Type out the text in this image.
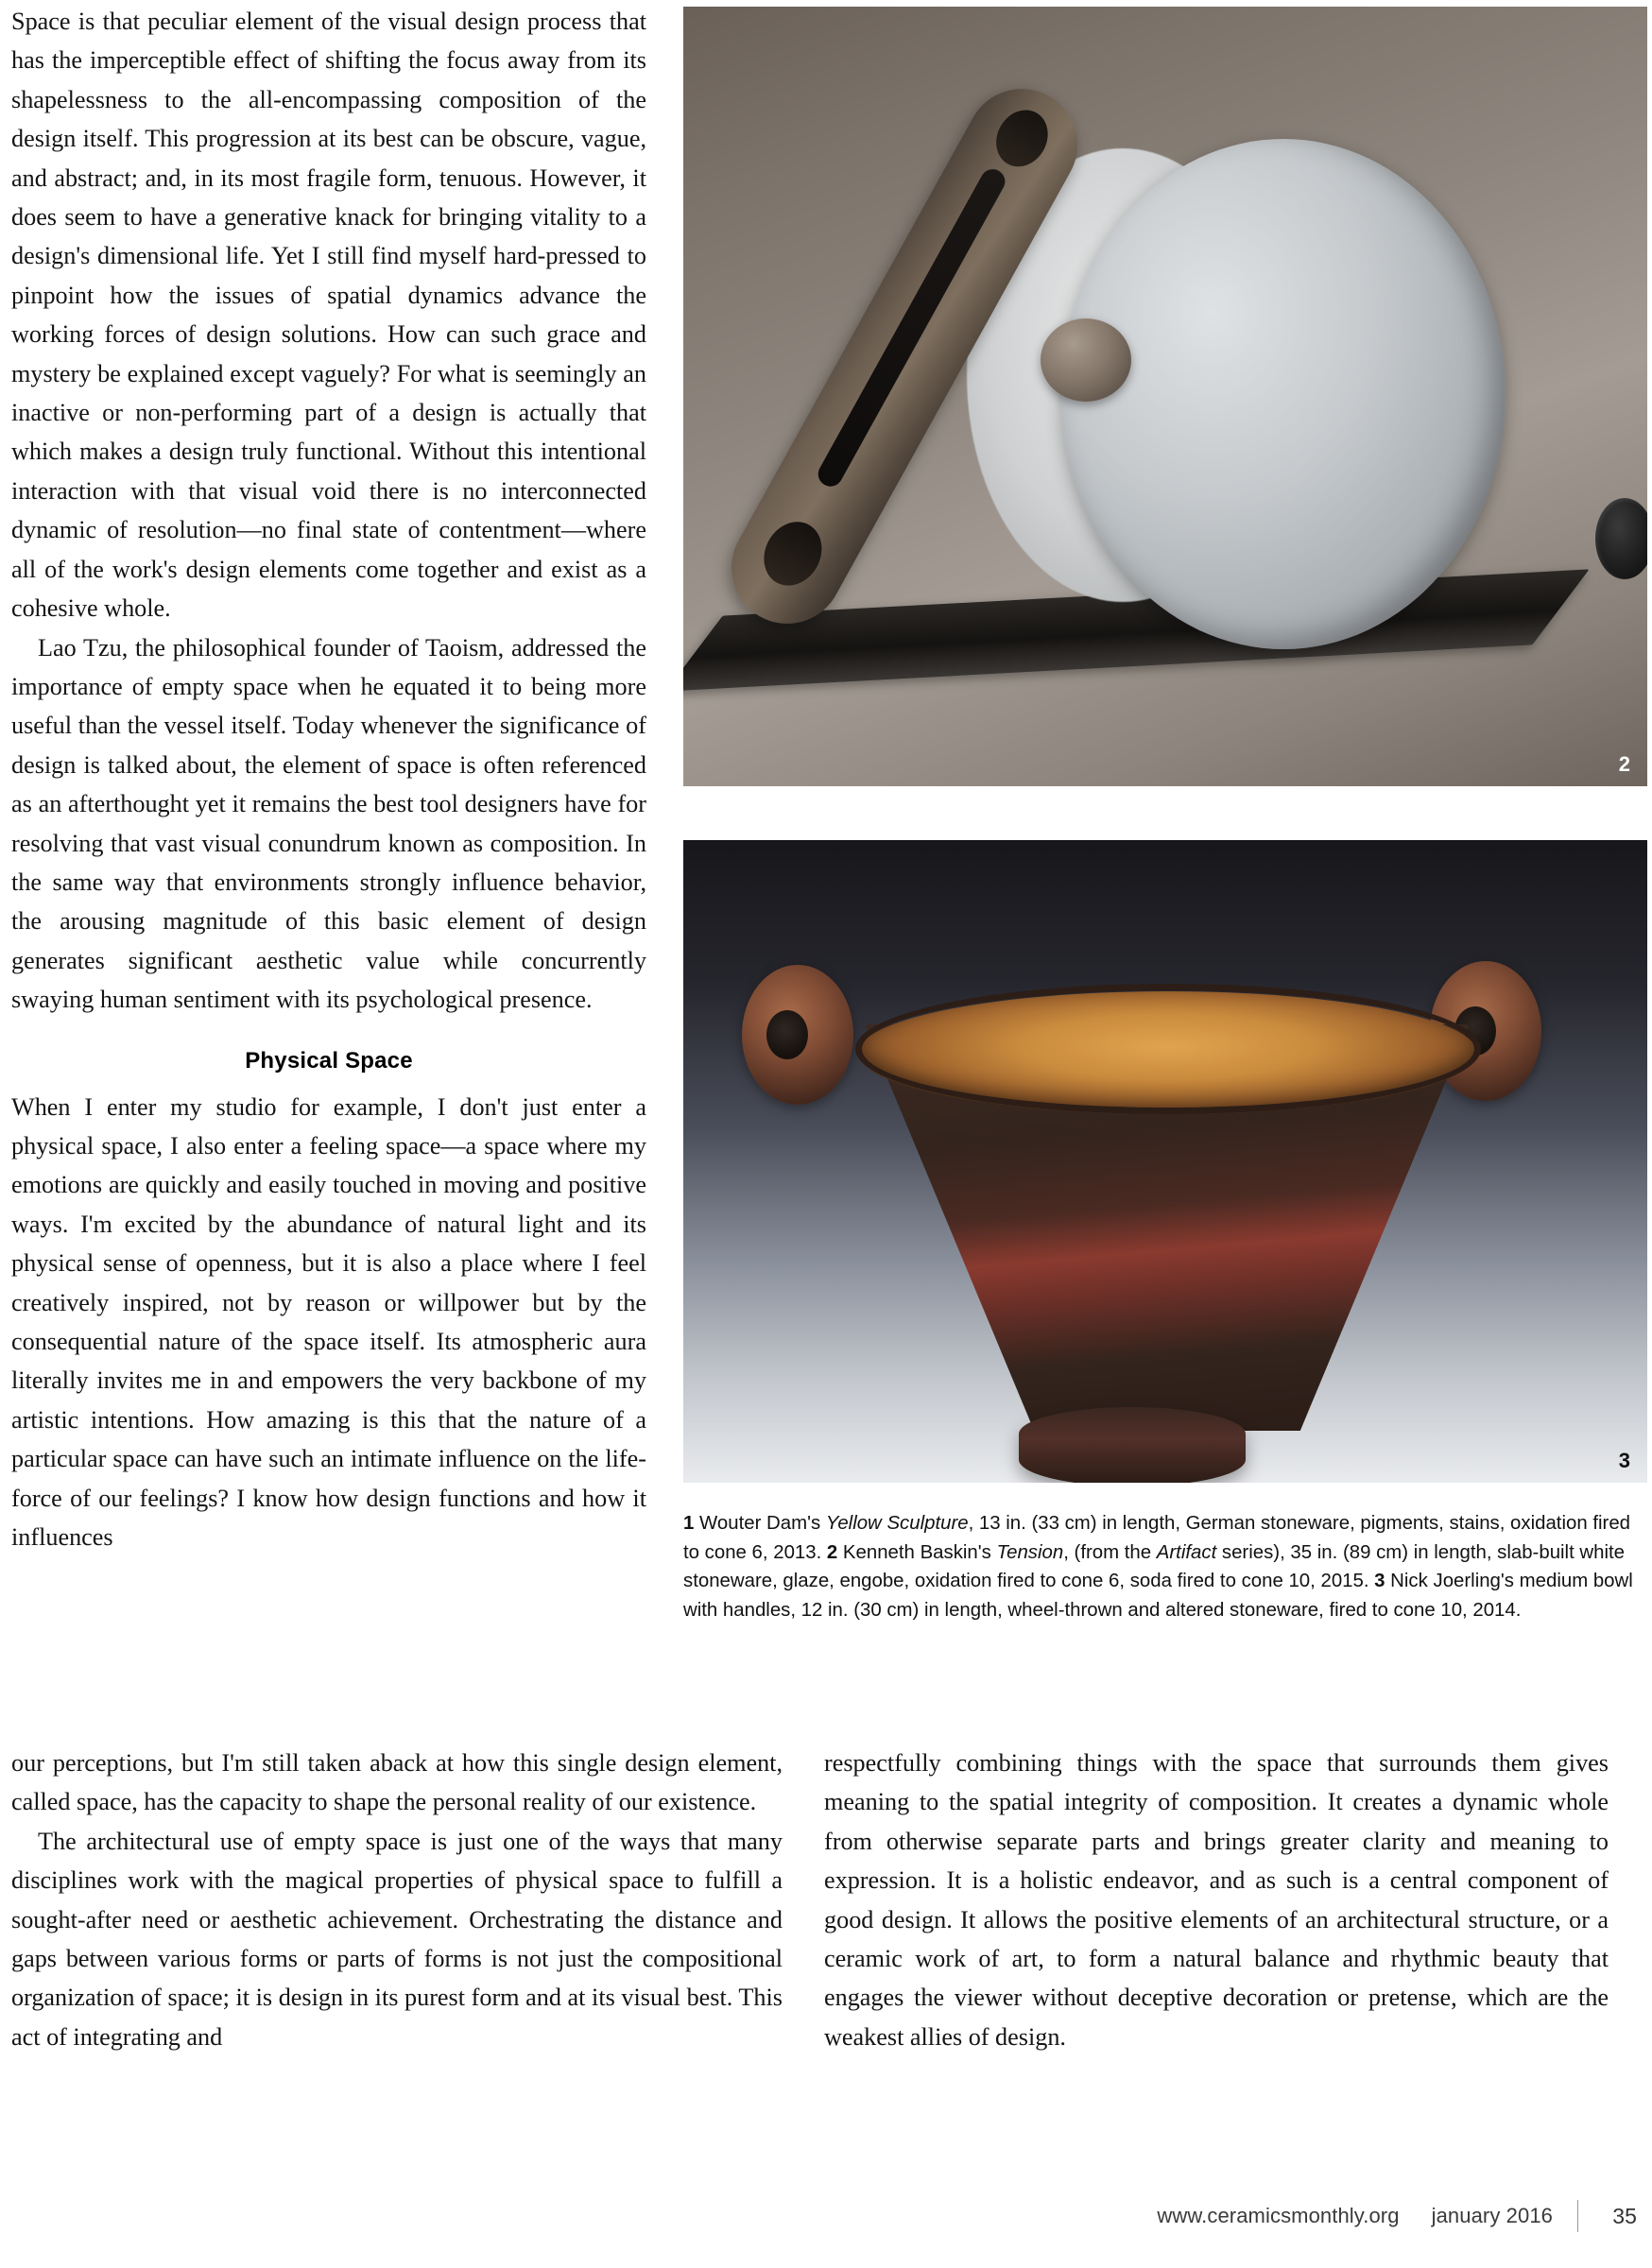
Space is that peculiar element of the visual design process that has the imperceptible effect of shifting the focus away from its shapelessness to the all-encompassing composition of the design itself. This progression at its best can be obscure, vague, and abstract; and, in its most fragile form, tenuous. However, it does seem to have a generative knack for bringing vitality to a design's dimensional life. Yet I still find myself hard-pressed to pinpoint how the issues of spatial dynamics advance the working forces of design solutions. How can such grace and mystery be explained except vaguely? For what is seemingly an inactive or non-performing part of a design is actually that which makes a design truly functional. Without this intentional interaction with that visual void there is no interconnected dynamic of resolution—no final state of contentment—where all of the work's design elements come together and exist as a cohesive whole.

Lao Tzu, the philosophical founder of Taoism, addressed the importance of empty space when he equated it to being more useful than the vessel itself. Today whenever the significance of design is talked about, the element of space is often referenced as an afterthought yet it remains the best tool designers have for resolving that vast visual conundrum known as composition. In the same way that environments strongly influence behavior, the arousing magnitude of this basic element of design generates significant aesthetic value while concurrently swaying human sentiment with its psychological presence.

Physical Space

When I enter my studio for example, I don't just enter a physical space, I also enter a feeling space—a space where my emotions are quickly and easily touched in moving and positive ways. I'm excited by the abundance of natural light and its physical sense of openness, but it is also a place where I feel creatively inspired, not by reason or willpower but by the consequential nature of the space itself. Its atmospheric aura literally invites me in and empowers the very backbone of my artistic intentions. How amazing is this that the nature of a particular space can have such an intimate influence on the life-force of our feelings? I know how design functions and how it influences

2
3
1 Wouter Dam's Yellow Sculpture, 13 in. (33 cm) in length, German stoneware, pigments, stains, oxidation fired to cone 6, 2013. 2 Kenneth Baskin's Tension, (from the Artifact series), 35 in. (89 cm) in length, slab-built white stoneware, glaze, engobe, oxidation fired to cone 6, soda fired to cone 10, 2015. 3 Nick Joerling's medium bowl with handles, 12 in. (30 cm) in length, wheel-thrown and altered stoneware, fired to cone 10, 2014.

our perceptions, but I'm still taken aback at how this single design element, called space, has the capacity to shape the personal reality of our existence.

The architectural use of empty space is just one of the ways that many disciplines work with the magical properties of physical space to fulfill a sought-after need or aesthetic achievement. Orchestrating the distance and gaps between various forms or parts of forms is not just the compositional organization of space; it is design in its purest form and at its visual best. This act of integrating and

respectfully combining things with the space that surrounds them gives meaning to the spatial integrity of composition. It creates a dynamic whole from otherwise separate parts and brings greater clarity and meaning to expression. It is a holistic endeavor, and as such is a central component of good design. It allows the positive elements of an architectural structure, or a ceramic work of art, to form a natural balance and rhythmic beauty that engages the viewer without deceptive decoration or pretense, which are the weakest allies of design.

www.ceramicsmonthly.org january 2016	35
